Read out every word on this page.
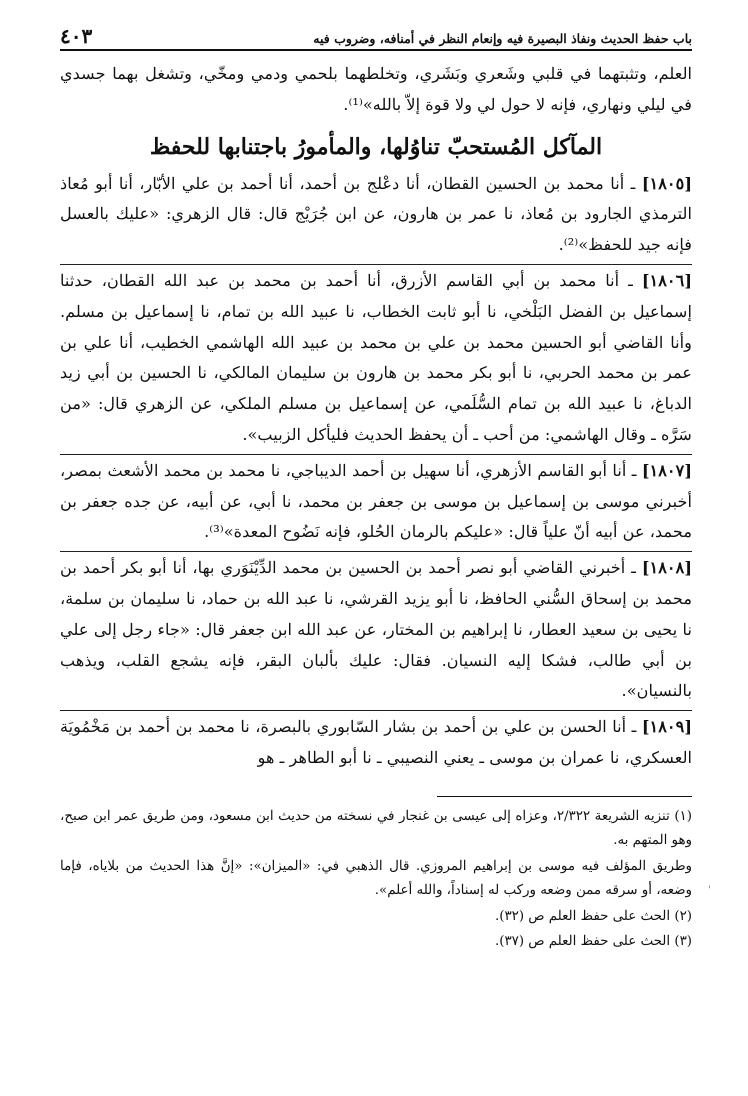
باب حفظ الحديث ونفاذ البصيرة فيه وإنعام النظر في أمنافه، وضروب فيه
٤٠٣

العلم، وتثبتهما في قلبي وشَعري وبَشَري، وتخلطهما بلحمي ودمي ومخّي، وتشغل بهما جسدي في ليلي ونهاري، فإنه لا حول لي ولا قوة إلاّ بالله»⁽¹⁾.

المآكل المُستحبّ تناوُلها، والمأمورُ باجتنابها للحفظ

[١٨٠٥] ـ أنا محمد بن الحسين القطان، أنا دعْلج بن أحمد، أنا أحمد بن علي الأبّار، أنا أبو مُعاذ الترمذي الجارود بن مُعاذ، نا عمر بن هارون، عن ابن جُرَيْج قال: قال الزهري: «عليك بالعسل فإنه جيد للحفظ»⁽²⁾.

[١٨٠٦] ـ أنا محمد بن أبي القاسم الأزرق، أنا أحمد بن محمد بن عبد الله القطان، حدثنا إسماعيل بن الفضل البَلْخي، نا أبو ثابت الخطاب، نا عبيد الله بن تمام، نا إسماعيل بن مسلم. وأنا القاضي أبو الحسين محمد بن علي بن محمد بن عبيد الله الهاشمي الخطيب، أنا علي بن عمر بن محمد الحربي، نا أبو بكر محمد بن هارون بن سليمان المالكي، نا الحسين بن أبي زيد الدباغ، نا عبيد الله بن تمام السُّلَمي، عن إسماعيل بن مسلم الملكي، عن الزهري قال: «من سَرَّه ـ وقال الهاشمي: من أحب ـ أن يحفظ الحديث فليأكل الزبيب».

[١٨٠٧] ـ أنا أبو القاسم الأزهري، أنا سهيل بن أحمد الديباجي، نا محمد بن محمد الأشعث بمصر، أخبرني موسى بن إسماعيل بن موسى بن جعفر بن محمد، نا أبي، عن أبيه، عن جده جعفر بن محمد، عن أبيه أنّ علياً قال: «عليكم بالرمان الحُلو، فإنه نَضُوح المعدة»⁽³⁾.

[١٨٠٨] ـ أخبرني القاضي أبو نصر أحمد بن الحسين بن محمد الدِّيْنَوَري بها، أنا أبو بكر أحمد بن محمد بن إسحاق السُّني الحافظ، نا أبو يزيد القرشي، نا عبد الله بن حماد، نا سليمان بن سلمة، نا يحيى بن سعيد العطار، نا إبراهيم بن المختار، عن عبد الله ابن جعفر قال: «جاء رجل إلى علي بن أبي طالب، فشكا إليه النسيان. فقال: عليك بألبان البقر، فإنه يشجع القلب، ويذهب بالنسيان».

[١٨٠٩] ـ أنا الحسن بن علي بن أحمد بن بشار السّابوري بالبصرة، نا محمد بن أحمد بن مَخْمُويَة العسكري، نا عمران بن موسى ـ يعني النصيبي ـ نا أبو الطاهر ـ هو

(١) تنزيه الشريعة ٢/٣٢٢، وعزاه إلى عيسى بن غنجار في نسخته من حديث ابن مسعود، ومن طريق عمر ابن صبح، وهو المتهم به.

وطريق المؤلف فيه موسى بن إبراهيم المروزي. قال الذهبي في: «الميزان»: «إنَّ هذا الحديث من بلاياه، فإما وضعه، أو سرقه ممن وضعه وركب له إسناداً، والله أعلم».

(٢) الحث على حفظ العلم ص (٣٢).

(٣) الحث على حفظ العلم ص (٣٧).

'
